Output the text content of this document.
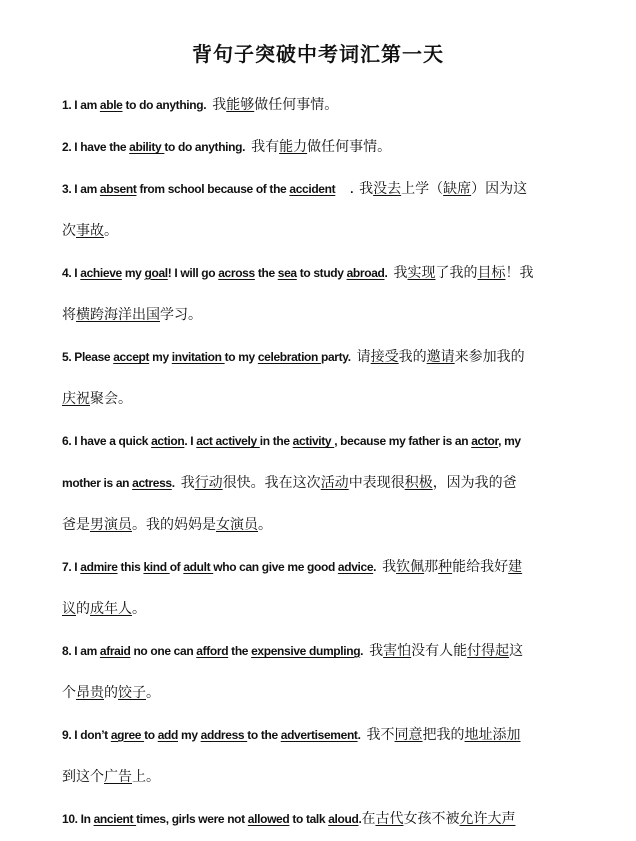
背句子突破中考词汇第一天
1. I am able to do anything.  我能够做任何事情。
2. I have the ability to do anything.  我有能力做任何事情。
3. I am absent from school because of the accident     .  我没去上学（缺席）因为这
次事故。
4. I achieve my goal! I will go across the sea to study abroad.  我实现了我的目标！我
将横跨海洋出国学习。
5. Please accept my invitation to my celebration party.  请接受我的邀请来参加我的
庆祝聚会。
6. I have a quick action. I act actively in the activity , because my father is an actor, my
mother is an actress.  我行动很快。我在这次活动中表现很积极，因为我的爸
爸是男演员。我的妈妈是女演员。
7. I admire this kind of adult who can give me good advice.  我钦佩那种能给我好建
议的成年人。
8. I am afraid no one can afford the expensive dumpling.  我害怕没有人能付得起这
个昂贵的饺子。
9. I don’t agree to add my address to the advertisement.  我不同意把我的地址添加
到这个广告上。
10. In ancient times, girls were not allowed to talk aloud.在古代女孩不被允许大声
